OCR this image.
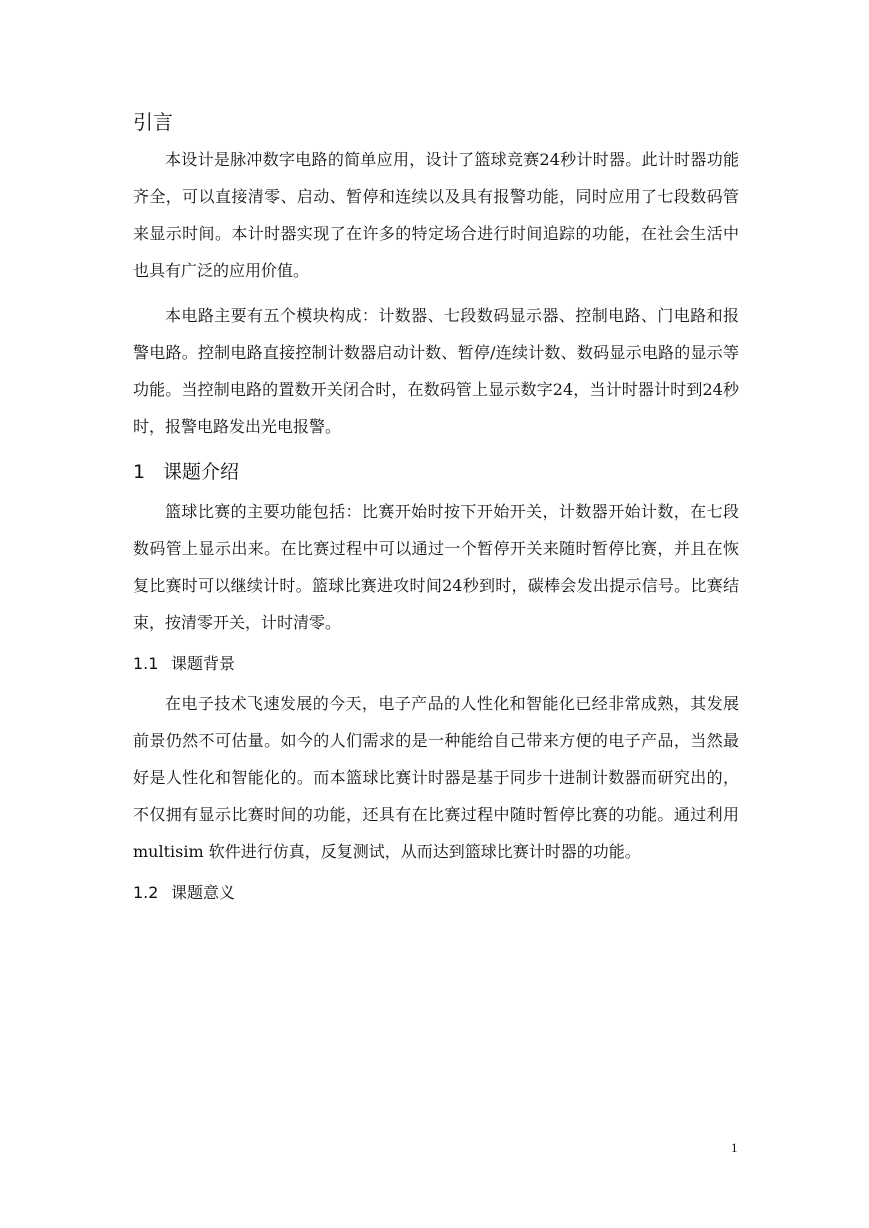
引言

本设计是脉冲数字电路的简单应用，设计了篮球竞赛24秒计时器。此计时器功能齐全，可以直接清零、启动、暂停和连续以及具有报警功能，同时应用了七段数码管来显示时间。本计时器实现了在许多的特定场合进行时间追踪的功能，在社会生活中也具有广泛的应用价值。

本电路主要有五个模块构成：计数器、七段数码显示器、控制电路、门电路和报警电路。控制电路直接控制计数器启动计数、暂停/连续计数、数码显示电路的显示等功能。当控制电路的置数开关闭合时，在数码管上显示数字24，当计时器计时到24秒时，报警电路发出光电报警。

1 课题介绍

篮球比赛的主要功能包括：比赛开始时按下开始开关，计数器开始计数，在七段数码管上显示出来。在比赛过程中可以通过一个暂停开关来随时暂停比赛，并且在恢复比赛时可以继续计时。篮球比赛进攻时间24秒到时，碳棒会发出提示信号。比赛结束，按清零开关，计时清零。

1.1 课题背景

在电子技术飞速发展的今天，电子产品的人性化和智能化已经非常成熟，其发展前景仍然不可估量。如今的人们需求的是一种能给自己带来方便的电子产品，当然最好是人性化和智能化的。而本篮球比赛计时器是基于同步十进制计数器而研究出的，不仅拥有显示比赛时间的功能，还具有在比赛过程中随时暂停比赛的功能。通过利用 multisim 软件进行仿真，反复测试，从而达到篮球比赛计时器的功能。

1.2 课题意义
1
